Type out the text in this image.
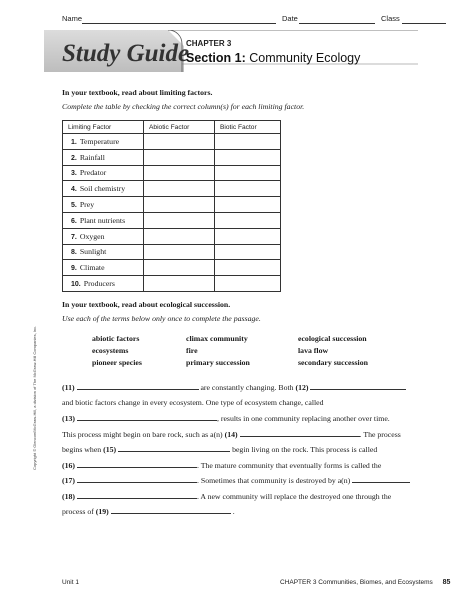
Name	Date	Class
Study Guide
CHAPTER 3
Section 1: Community Ecology
In your textbook, read about limiting factors.
Complete the table by checking the correct column(s) for each limiting factor.
Limiting Factor	Abiotic Factor	Biotic Factor
1. Temperature		
2. Rainfall		
3. Predator		
4. Soil chemistry		
5. Prey		
6. Plant nutrients		
7. Oxygen		
8. Sunlight		
9. Climate		
10. Producers		
In your textbook, read about ecological succession.
Use each of the terms below only once to complete the passage.
abiotic factors	climax community	ecological succession
ecosystems	fire	lava flow
pioneer species	primary succession	secondary succession
(11)	are constantly changing. Both (12)
and biotic factors change in every ecosystem. One type of ecosystem change, called
(13)	, results in one community replacing another over time.
This process might begin on bare rock, such as a(n) (14)	. The process
begins when (15)	begin living on the rock. This process is called
(16)	. The mature community that eventually forms is called the
(17)	. Sometimes that community is destroyed by a(n)
(18)	. A new community will replace the destroyed one through the
process of (19)	.
Copyright © Glencoe/McGraw-Hill, a division of The McGraw-Hill Companies, Inc.
Unit 1	CHAPTER 3 Communities, Biomes, and Ecosystems 85
